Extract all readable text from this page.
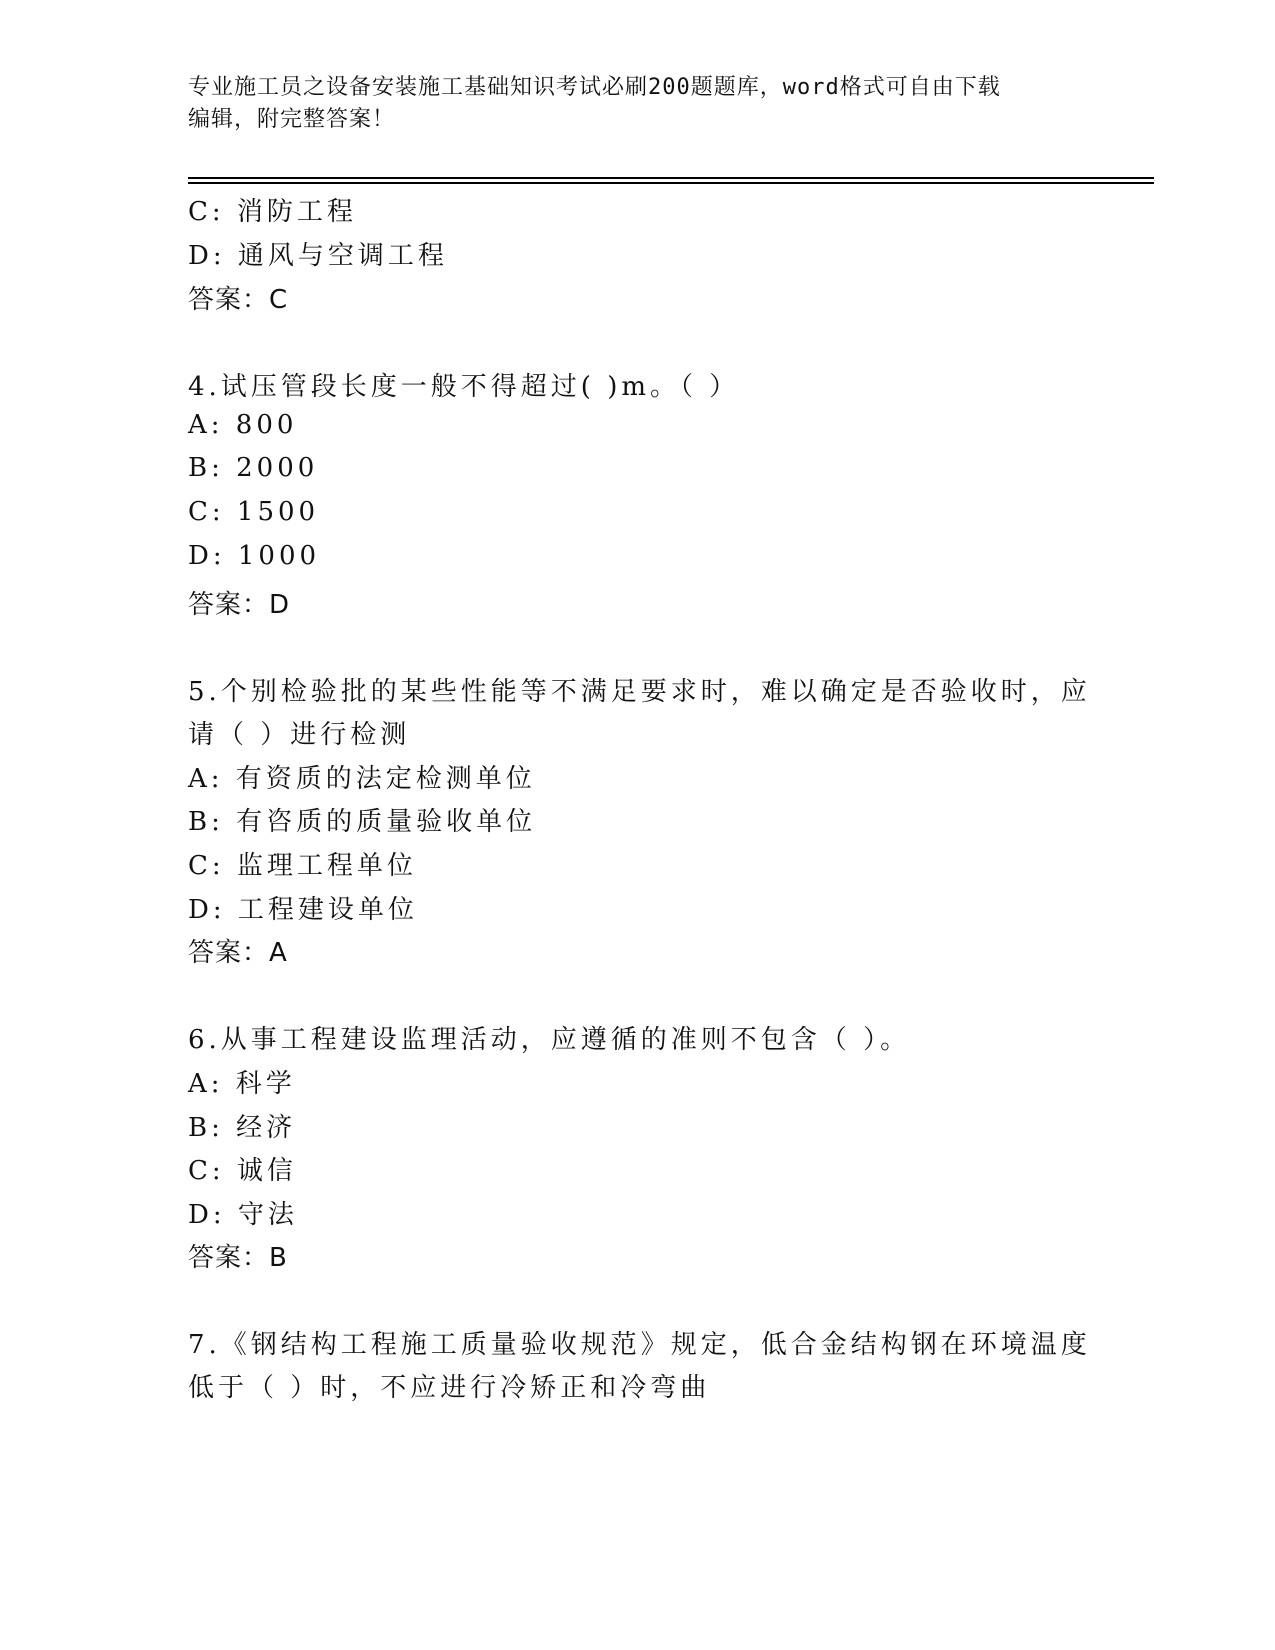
专业施工员之设备安装施工基础知识考试必刷200题题库，word格式可自由下载
编辑，附完整答案！
C: 消防工程
D: 通风与空调工程
答案：C
4.试压管段长度一般不得超过( )m。（ ）
A: 800
B: 2000
C: 1500
D: 1000
答案：D
5.个别检验批的某些性能等不满足要求时，难以确定是否验收时，应
请（ ）进行检测
A: 有资质的法定检测单位
B: 有咨质的质量验收单位
C: 监理工程单位
D: 工程建设单位
答案：A
6.从事工程建设监理活动，应遵循的准则不包含（ ）。
A: 科学
B: 经济
C: 诚信
D: 守法
答案：B
7.《钢结构工程施工质量验收规范》规定，低合金结构钢在环境温度
低于（ ）时，不应进行冷矫正和冷弯曲
